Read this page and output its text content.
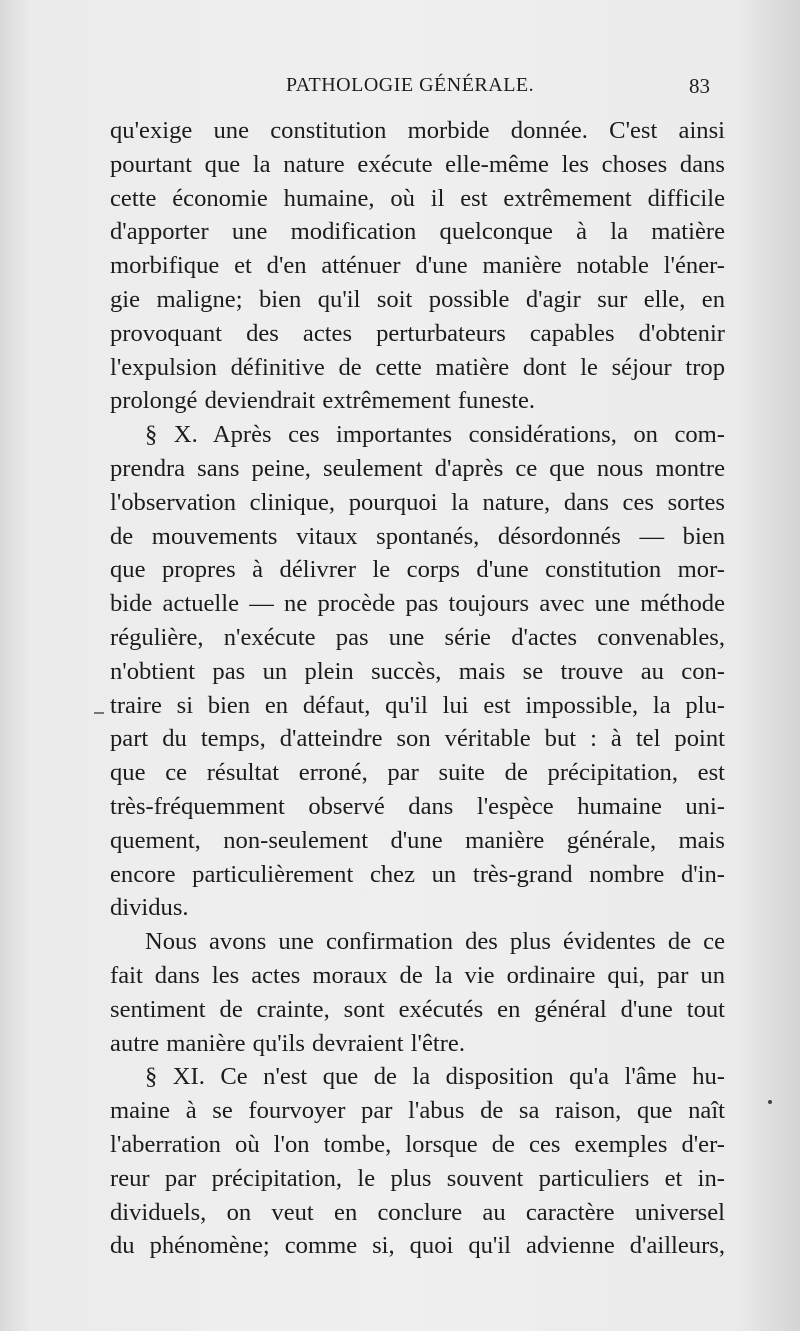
PATHOLOGIE GÉNÉRALE.	83

qu'exige une constitution morbide donnée. C'est ainsi

pourtant que la nature exécute elle-même les choses dans

cette économie humaine, où il est extrêmement difficile

d'apporter une modification quelconque à la matière

morbifique et d'en atténuer d'une manière notable l'éner-

gie maligne; bien qu'il soit possible d'agir sur elle, en

provoquant des actes perturbateurs capables d'obtenir

l'expulsion définitive de cette matière dont le séjour trop

prolongé deviendrait extrêmement funeste.

§ X. Après ces importantes considérations, on com-

prendra sans peine, seulement d'après ce que nous montre

l'observation clinique, pourquoi la nature, dans ces sortes

de mouvements vitaux spontanés, désordonnés — bien

que propres à délivrer le corps d'une constitution mor-

bide actuelle — ne procède pas toujours avec une méthode

régulière, n'exécute pas une série d'actes convenables,

n'obtient pas un plein succès, mais se trouve au con-

traire si bien en défaut, qu'il lui est impossible, la plu-

part du temps, d'atteindre son véritable but : à tel point

que ce résultat erroné, par suite de précipitation, est

très-fréquemment observé dans l'espèce humaine uni-

quement, non-seulement d'une manière générale, mais

encore particulièrement chez un très-grand nombre d'in-

dividus.

Nous avons une confirmation des plus évidentes de ce

fait dans les actes moraux de la vie ordinaire qui, par un

sentiment de crainte, sont exécutés en général d'une tout

autre manière qu'ils devraient l'être.

§ XI. Ce n'est que de la disposition qu'a l'âme hu-

maine à se fourvoyer par l'abus de sa raison, que naît

l'aberration où l'on tombe, lorsque de ces exemples d'er-

reur par précipitation, le plus souvent particuliers et in-

dividuels, on veut en conclure au caractère universel

du phénomène; comme si, quoi qu'il advienne d'ailleurs,
